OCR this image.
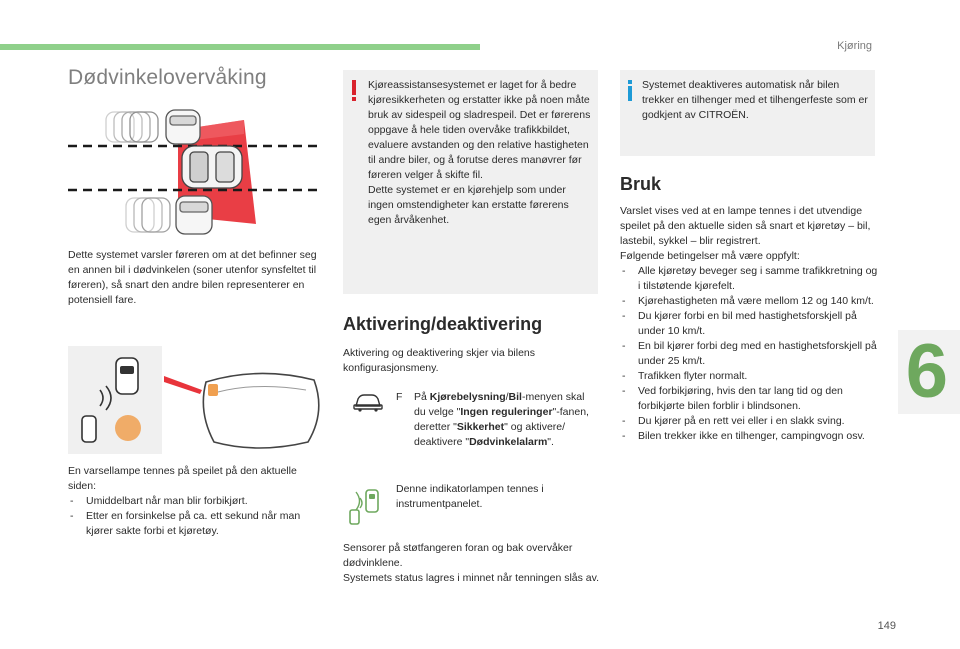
Kjøring
6
149
Dødvinkelovervåking
Dette systemet varsler føreren om at det befinner seg en annen bil i dødvinkelen (soner utenfor synsfeltet til føreren), så snart den andre bilen representerer en potensiell fare.
En varsellampe tennes på speilet på den aktuelle siden:
- Umiddelbart når man blir forbikjørt.
- Etter en forsinkelse på ca. ett sekund når man kjører sakte forbi et kjøretøy.
Kjøreassistansesystemet er laget for å bedre kjøresikkerheten og erstatter ikke på noen måte bruk av sidespeil og sladrespeil. Det er førerens oppgave å hele tiden overvåke trafikkbildet, evaluere avstanden og den relative hastigheten til andre biler, og å forutse deres manøvrer før føreren velger å skifte fil.
Dette systemet er en kjørehjelp som under ingen omstendigheter kan erstatte førerens egen årvåkenhet.
Aktivering/deaktivering
Aktivering og deaktivering skjer via bilens konfigurasjonsmeny.
F	På Kjørebelysning/Bil-menyen skal du velge "Ingen reguleringer"-fanen, deretter "Sikkerhet" og aktivere/ deaktivere "Dødvinkelalarm".
Denne indikatorlampen tennes i instrumentpanelet.
Sensorer på støtfangeren foran og bak overvåker dødvinklene.
Systemets status lagres i minnet når tenningen slås av.
Systemet deaktiveres automatisk når bilen trekker en tilhenger med et tilhengerfeste som er godkjent av CITROËN.
Bruk
Varslet vises ved at en lampe tennes i det utvendige speilet på den aktuelle siden så snart et kjøretøy – bil, lastebil, sykkel – blir registrert.
Følgende betingelser må være oppfylt:
- Alle kjøretøy beveger seg i samme trafikkretning og i tilstøtende kjørefelt.
- Kjørehastigheten må være mellom 12 og 140 km/t.
- Du kjører forbi en bil med hastighetsforskjell på under 10 km/t.
- En bil kjører forbi deg med en hastighetsforskjell på under 25 km/t.
- Trafikken flyter normalt.
- Ved forbikjøring, hvis den tar lang tid og den forbikjørte bilen forblir i blindsonen.
- Du kjører på en rett vei eller i en slakk sving.
- Bilen trekker ikke en tilhenger, campingvogn osv.
